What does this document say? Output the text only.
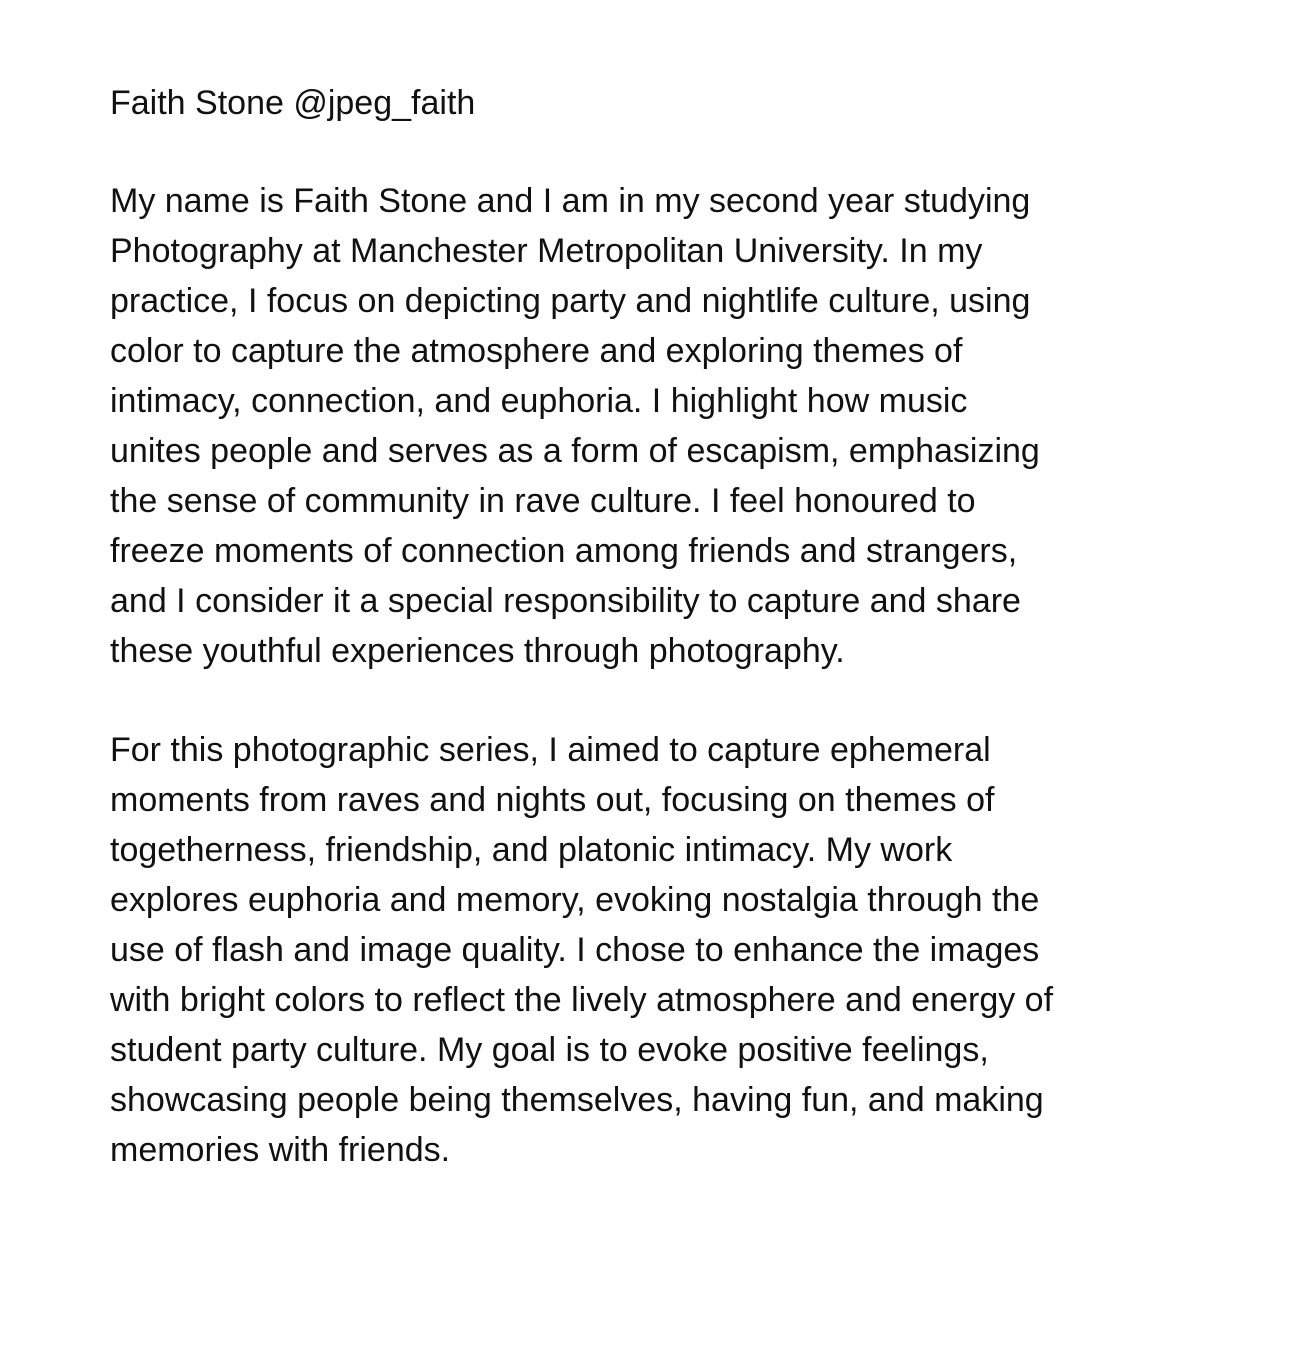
Faith Stone @jpeg_faith

My name is Faith Stone and I am in my second year studying
Photography at Manchester Metropolitan University. In my
practice, I focus on depicting party and nightlife culture, using
color to capture the atmosphere and exploring themes of
intimacy, connection, and euphoria. I highlight how music
unites people and serves as a form of escapism, emphasizing
the sense of community in rave culture. I feel honoured to
freeze moments of connection among friends and strangers,
and I consider it a special responsibility to capture and share
these youthful experiences through photography.

For this photographic series, I aimed to capture ephemeral
moments from raves and nights out, focusing on themes of
togetherness, friendship, and platonic intimacy. My work
explores euphoria and memory, evoking nostalgia through the
use of flash and image quality. I chose to enhance the images
with bright colors to reflect the lively atmosphere and energy of
student party culture. My goal is to evoke positive feelings,
showcasing people being themselves, having fun, and making
memories with friends.
